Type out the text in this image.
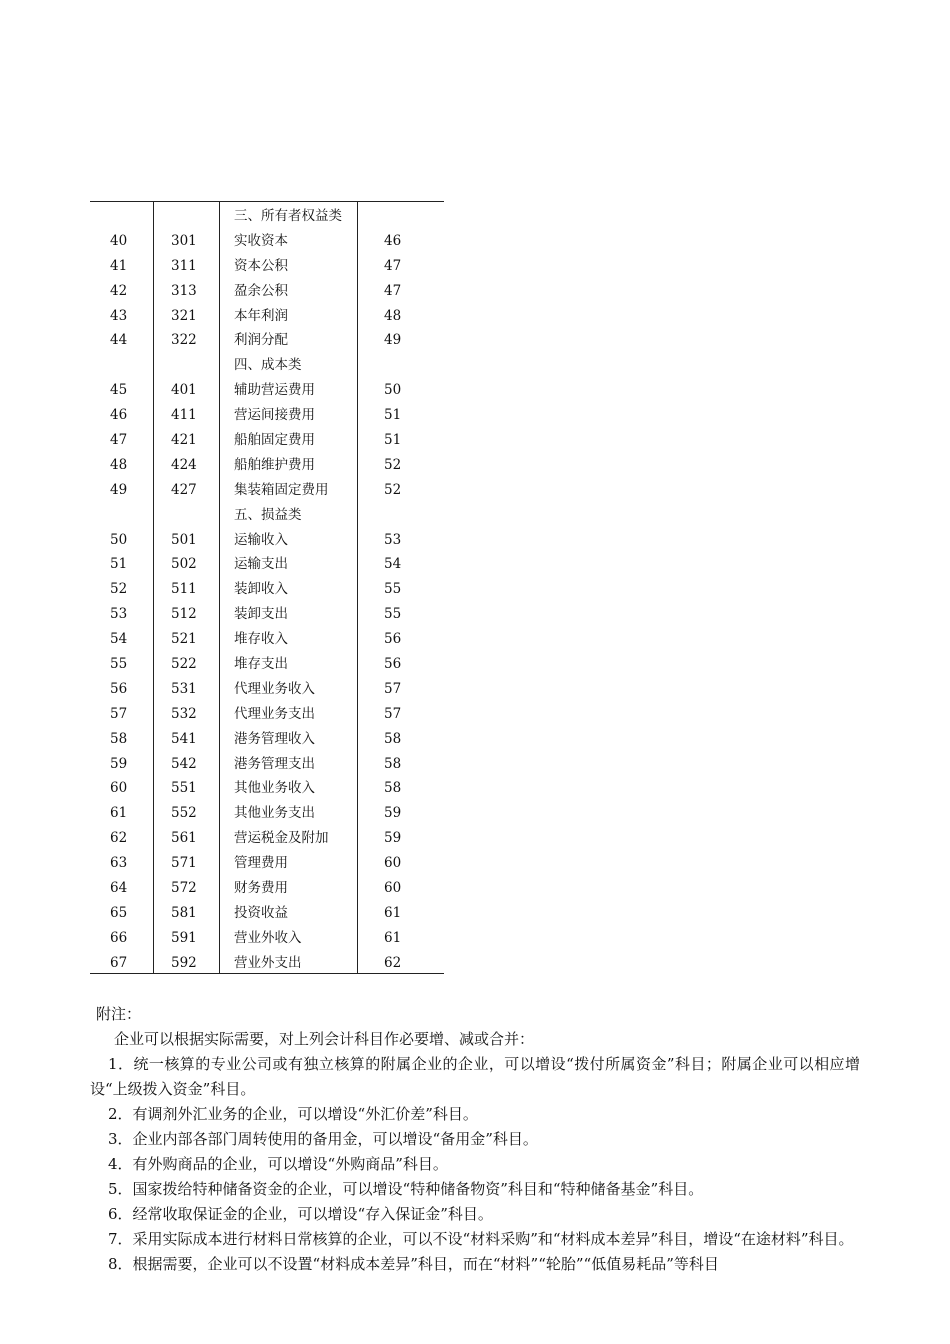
三、所有者权益类
40	301	实收资本	46
41	311	资本公积	47
42	313	盈余公积	47
43	321	本年利润	48
44	322	利润分配	49
四、成本类
45	401	辅助营运费用	50
46	411	营运间接费用	51
47	421	船舶固定费用	51
48	424	船舶维护费用	52
49	427	集装箱固定费用	52
五、损益类
50	501	运输收入	53
51	502	运输支出	54
52	511	装卸收入	55
53	512	装卸支出	55
54	521	堆存收入	56
55	522	堆存支出	56
56	531	代理业务收入	57
57	532	代理业务支出	57
58	541	港务管理收入	58
59	542	港务管理支出	58
60	551	其他业务收入	58
61	552	其他业务支出	59
62	561	营运税金及附加	59
63	571	管理费用	60
64	572	财务费用	60
65	581	投资收益	61
66	591	营业外收入	61
67	592	营业外支出	62

附注：

企业可以根据实际需要，对上列会计科目作必要增、减或合并：

1．统一核算的专业公司或有独立核算的附属企业的企业，可以增设“拨付所属资金”科目；附属企业可以相应增设“上级拨入资金”科目。

2．有调剂外汇业务的企业，可以增设“外汇价差”科目。

3．企业内部各部门周转使用的备用金，可以增设“备用金”科目。

4．有外购商品的企业，可以增设“外购商品”科目。

5．国家拨给特种储备资金的企业，可以增设“特种储备物资”科目和“特种储备基金”科目。

6．经常收取保证金的企业，可以增设“存入保证金”科目。

7．采用实际成本进行材料日常核算的企业，可以不设“材料采购”和“材料成本差异”科目，增设“在途材料”科目。

8．根据需要，企业可以不设置“材料成本差异”科目，而在“材料”“轮胎”“低值易耗品”等科目
